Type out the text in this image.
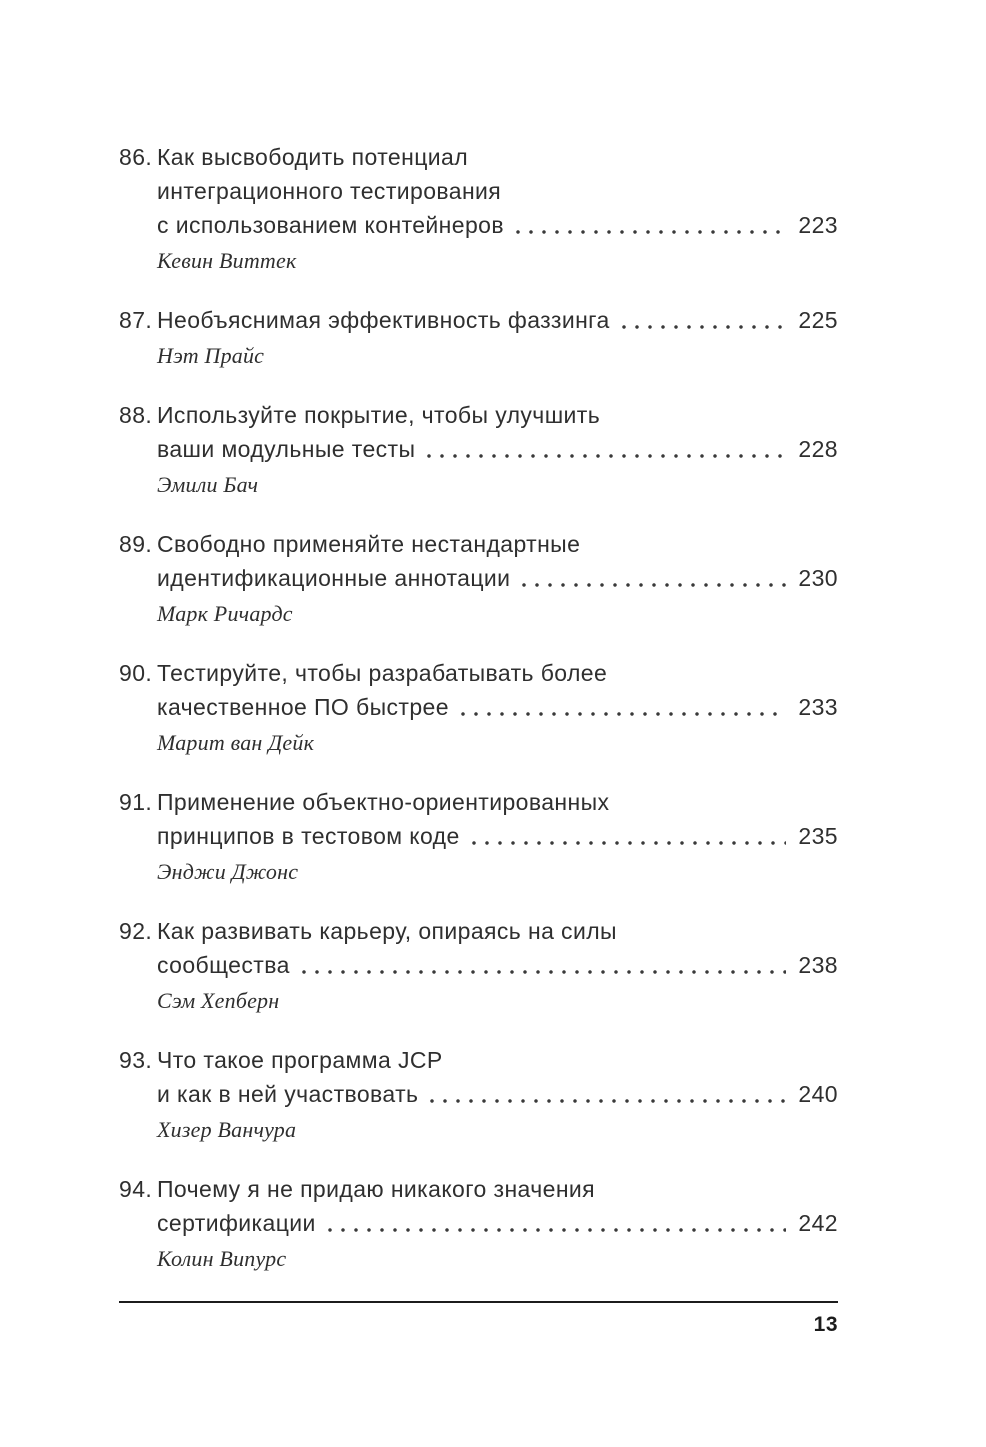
86. Как высвободить потенциал
интеграционного тестирования
с использованием контейнеров	223
Кевин Виттек
87. Необъяснимая эффективность фаззинга	225
Нэт Прайс
88. Используйте покрытие, чтобы улучшить
ваши модульные тесты	228
Эмили Бач
89. Свободно применяйте нестандартные
идентификационные аннотации	230
Марк Ричардс
90. Тестируйте, чтобы разрабатывать более
качественное ПО быстрее	233
Марит ван Дейк
91. Применение объектно-ориентированных
принципов в тестовом коде	235
Энджи Джонс
92. Как развивать карьеру, опираясь на силы
сообщества	238
Сэм Хепберн
93. Что такое программа JCP
и как в ней участвовать	240
Хизер Ванчура
94. Почему я не придаю никакого значения
сертификации	242
Колин Випурс
13
